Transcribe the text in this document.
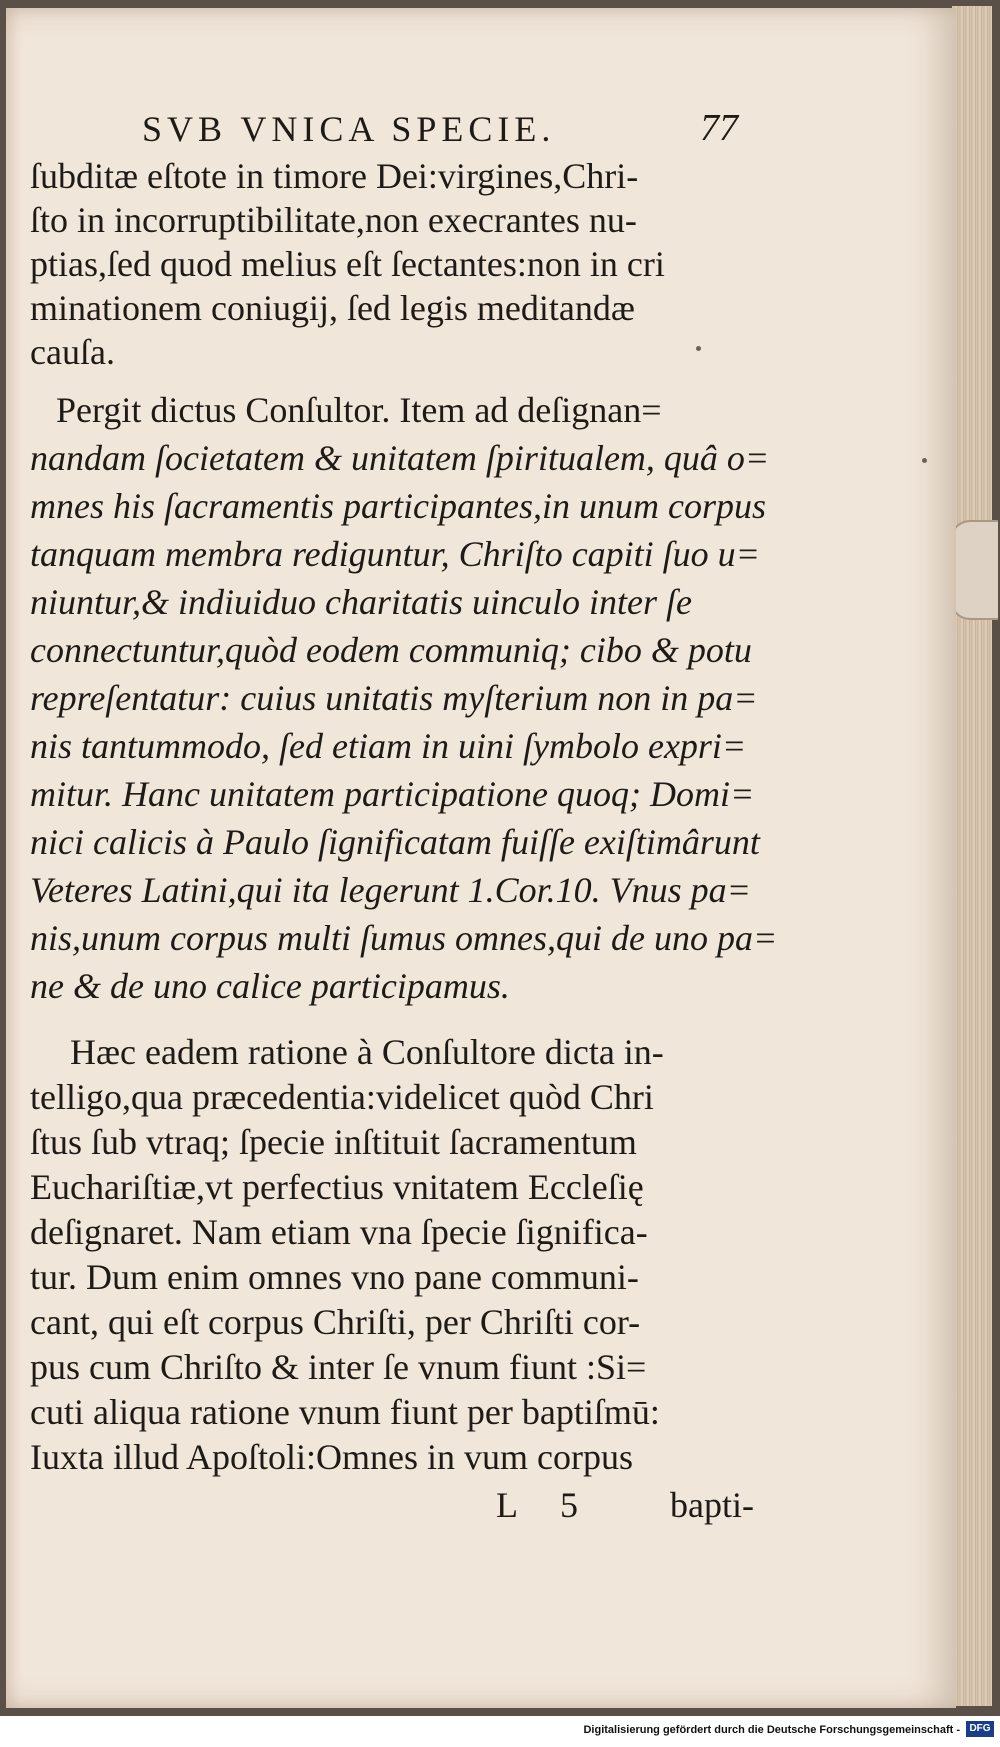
SVB VNICA SPECIE.	77
ſubditæ eſtote in timore Dei:virgines,Chri-
ſto in incorruptibilitate,non execrantes nu-
ptias,ſed quod melius eſt ſectantes:non in cri
minationem coniugij, ſed legis meditandæ
cauſa.
Pergit dictus Conſultor. Item ad deſignan=
nandam ſocietatem & unitatem ſpiritualem, quâ o=
mnes his ſacramentis participantes,in unum corpus
tanquam membra rediguntur, Chriſto capiti ſuo u=
niuntur,& indiuiduo charitatis uinculo inter ſe
connectuntur,quòd eodem communiq; cibo & potu
repreſentatur: cuius unitatis myſterium non in pa=
nis tantummodo, ſed etiam in uini ſymbolo expri=
mitur. Hanc unitatem participatione quoq; Domi=
nici calicis à Paulo ſignificatam fuiſſe exiſtimârunt
Veteres Latini,qui ita legerunt 1.Cor.10. Vnus pa=
nis,unum corpus multi ſumus omnes,qui de uno pa=
ne & de uno calice participamus.
Hæc eadem ratione à Conſultore dicta in-
telligo,qua præcedentia:videlicet quòd Chri
ſtus ſub vtraq; ſpecie inſtituit ſacramentum
Euchariſtiæ,vt perfectius vnitatem Eccleſię
deſignaret. Nam etiam vna ſpecie ſignifica-
tur. Dum enim omnes vno pane communi-
cant, qui eſt corpus Chriſti, per Chriſti cor-
pus cum Chriſto & inter ſe vnum fiunt :Si=
cuti aliqua ratione vnum fiunt per baptiſmū:
Iuxta illud Apoſtoli:Omnes in vum corpus
L 5	bapti-
Digitalisierung gefördert durch die Deutsche Forschungsgemeinschaft - DFG
